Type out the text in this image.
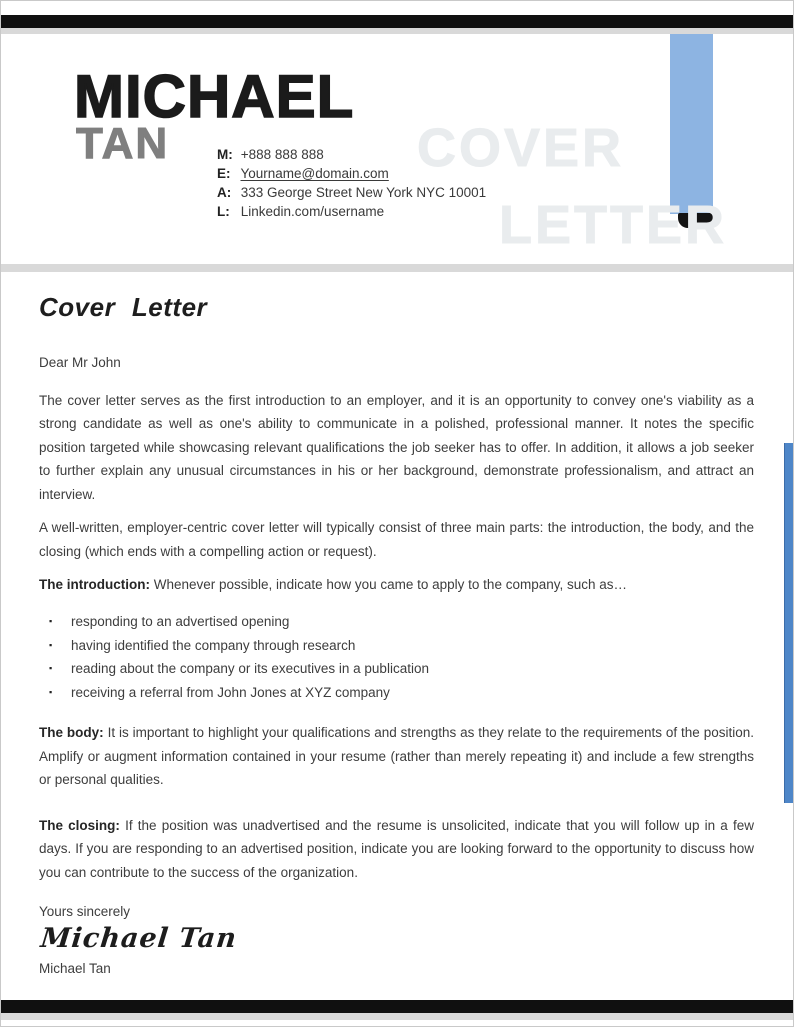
MICHAEL
TAN	COVER
LETTER
M: +888 888 888
E: Yourname@domain.com
A: 333 George Street New York NYC 10001
L: Linkedin.com/username
Cover Letter
Dear Mr John

The cover letter serves as the first introduction to an employer, and it is an opportunity to convey one's viability as a strong candidate as well as one's ability to communicate in a polished, professional manner. It notes the specific position targeted while showcasing relevant qualifications the job seeker has to offer. In addition, it allows a job seeker to further explain any unusual circumstances in his or her background, demonstrate professionalism, and attract an interview.

A well-written, employer-centric cover letter will typically consist of three main parts: the introduction, the body, and the closing (which ends with a compelling action or request).

The introduction: Whenever possible, indicate how you came to apply to the company, such as…

▪	responding to an advertised opening
▪	having identified the company through research
▪	reading about the company or its executives in a publication
▪	receiving a referral from John Jones at XYZ company

The body: It is important to highlight your qualifications and strengths as they relate to the requirements of the position. Amplify or augment information contained in your resume (rather than merely repeating it) and include a few strengths or personal qualities.

The closing: If the position was unadvertised and the resume is unsolicited, indicate that you will follow up in a few days. If you are responding to an advertised position, indicate you are looking forward to the opportunity to discuss how you can contribute to the success of the organization.

Yours sincerely
Michael Tan
Michael Tan
